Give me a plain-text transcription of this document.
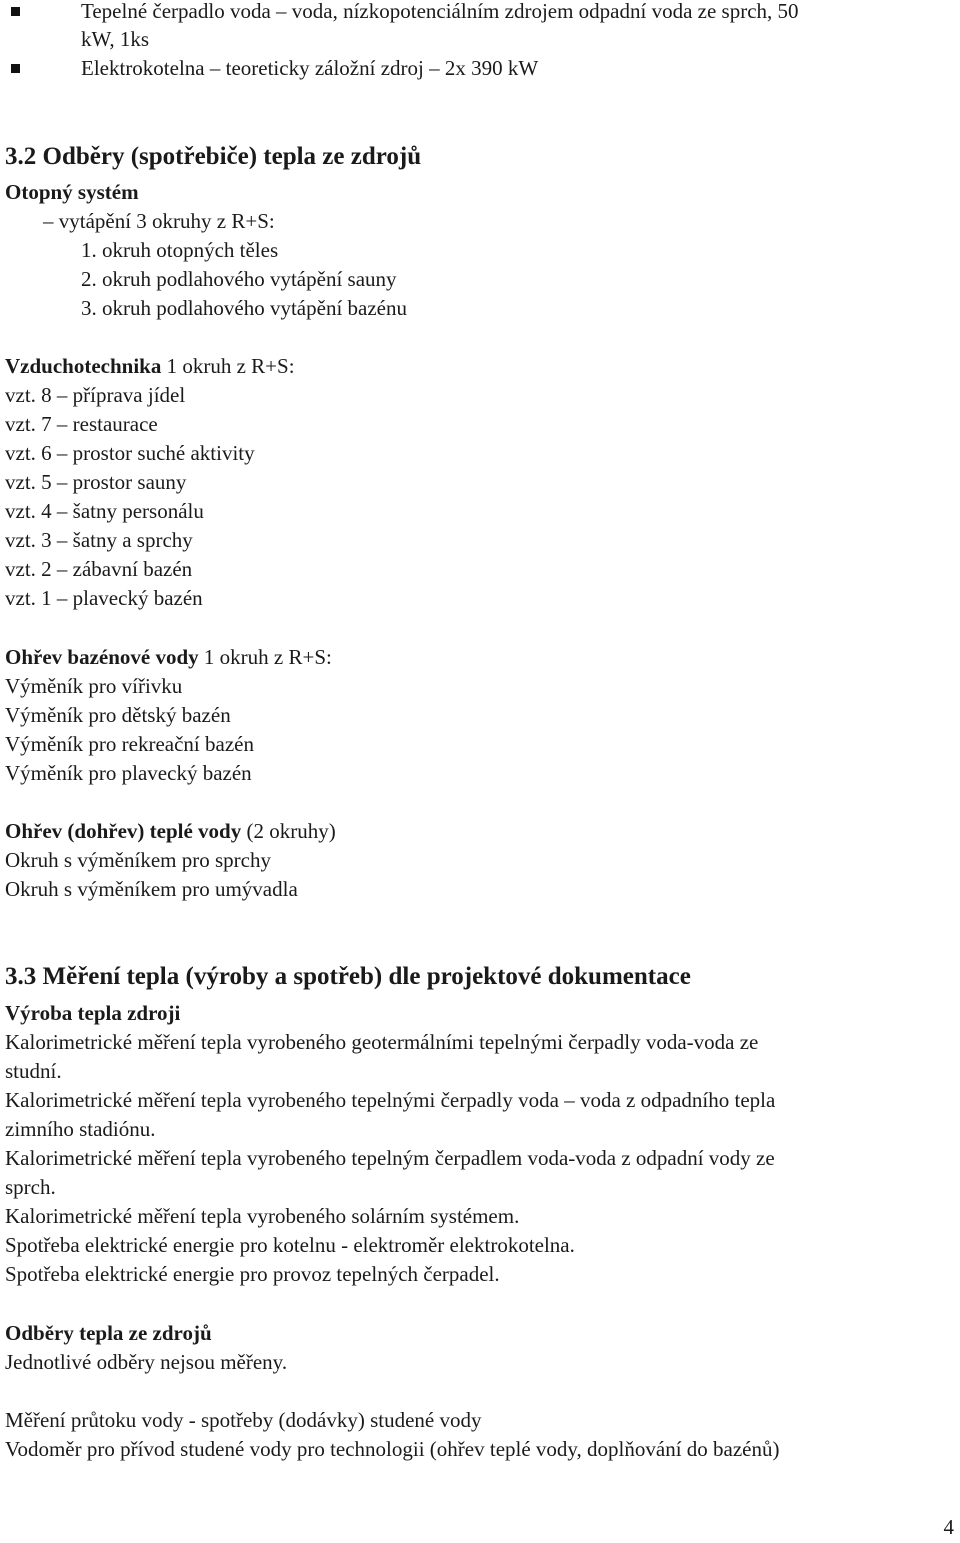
Tepelné čerpadlo voda – voda, nízkopotenciálním zdrojem odpadní voda ze sprch, 50
kW, 1ks
Elektrokotelna – teoreticky záložní zdroj – 2x 390 kW
3.2 Odběry (spotřebiče) tepla ze zdrojů
Otopný systém
– vytápění 3 okruhy z R+S:
1. okruh otopných těles
2. okruh podlahového vytápění sauny
3. okruh podlahového vytápění bazénu
Vzduchotechnika 1 okruh z R+S:
vzt. 8 – příprava jídel
vzt. 7 – restaurace
vzt. 6 – prostor suché aktivity
vzt. 5 – prostor sauny
vzt. 4 – šatny personálu
vzt. 3 – šatny a sprchy
vzt. 2 – zábavní bazén
vzt. 1 – plavecký bazén
Ohřev bazénové vody 1 okruh z R+S:
Výměník pro vířivku
Výměník pro dětský bazén
Výměník pro rekreační bazén
Výměník pro plavecký bazén
Ohřev (dohřev) teplé vody (2 okruhy)
Okruh s výměníkem pro sprchy
Okruh s výměníkem pro umývadla
3.3 Měření tepla (výroby a spotřeb) dle projektové dokumentace
Výroba tepla zdroji
Kalorimetrické měření tepla vyrobeného geotermálními tepelnými čerpadly voda-voda ze
studní.
Kalorimetrické měření tepla vyrobeného tepelnými čerpadly voda – voda z odpadního tepla
zimního stadiónu.
Kalorimetrické měření tepla vyrobeného tepelným čerpadlem voda-voda z odpadní vody ze
sprch.
Kalorimetrické měření tepla vyrobeného solárním systémem.
Spotřeba elektrické energie pro kotelnu - elektroměr elektrokotelna.
Spotřeba elektrické energie pro provoz tepelných čerpadel.
Odběry tepla ze zdrojů
Jednotlivé odběry nejsou měřeny.
Měření průtoku vody - spotřeby (dodávky) studené vody
Vodoměr pro přívod studené vody pro technologii (ohřev teplé vody, doplňování do bazénů)
4
